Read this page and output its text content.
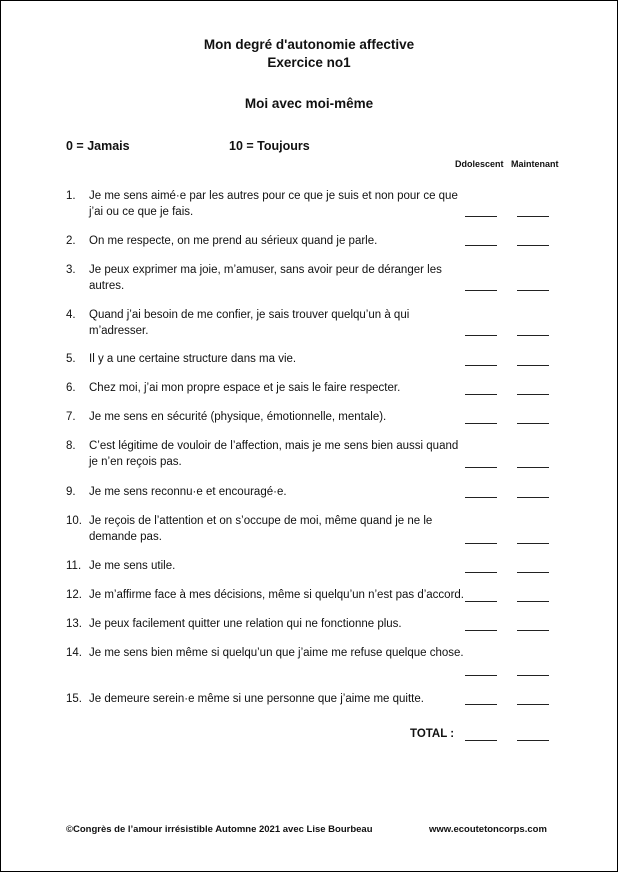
Mon degré d'autonomie affective
Exercice no1
Moi avec moi-même
0 = Jamais	10 = Toujours
Ddolescent Maintenant
1.	Je me sens aimé·e par les autres pour ce que je suis et non pour ce que j’ai ou ce que je fais.
2.	On me respecte, on me prend au sérieux quand je parle.
3.	Je peux exprimer ma joie, m’amuser, sans avoir peur de déranger les autres.
4.	Quand j’ai besoin de me confier, je sais trouver quelqu’un à qui m’adresser.
5.	Il y a une certaine structure dans ma vie.
6.	Chez moi, j’ai mon propre espace et je sais le faire respecter.
7.	Je me sens en sécurité (physique, émotionnelle, mentale).
8.	C’est légitime de vouloir de l’affection, mais je me sens bien aussi quand je n’en reçois pas.
9.	Je me sens reconnu·e et encouragé·e.
10. Je reçois de l’attention et on s’occupe de moi, même quand je ne le demande pas.
11. Je me sens utile.
12. Je m’affirme face à mes décisions, même si quelqu’un n’est pas d’accord.
13. Je peux facilement quitter une relation qui ne fonctionne plus.
14. Je me sens bien même si quelqu’un que j’aime me refuse quelque chose.
15. Je demeure serein·e même si une personne que j’aime me quitte.
TOTAL :
©Congrès de l’amour irrésistible Automne 2021 avec Lise Bourbeau	www.ecoutetoncorps.com
